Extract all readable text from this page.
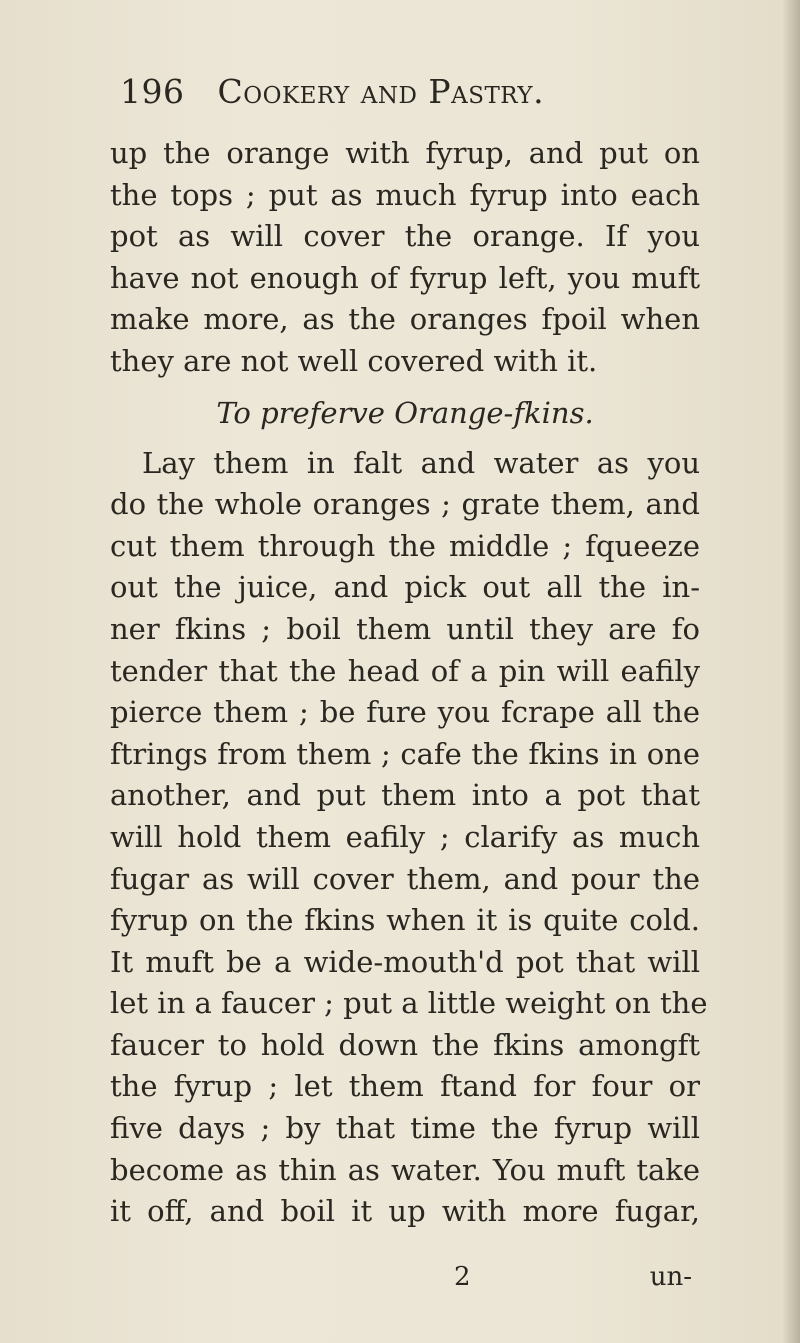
196 Cookery and Pastry.
up the orange with fyrup, and put on
the tops ; put as much fyrup into each
pot as will cover the orange. If you
have not enough of fyrup left, you muft
make more, as the oranges fpoil when
they are not well covered with it.
To preferve Orange-fkins.
Lay them in falt and water as you
do the whole oranges ; grate them, and
cut them through the middle ; fqueeze
out the juice, and pick out all the in-
ner fkins ; boil them until they are fo
tender that the head of a pin will eafily
pierce them ; be fure you fcrape all the
ftrings from them ; cafe the fkins in one
another, and put them into a pot that
will hold them eafily ; clarify as much
fugar as will cover them, and pour the
fyrup on the fkins when it is quite cold.
It muft be a wide-mouth'd pot that will
let in a faucer ; put a little weight on the
faucer to hold down the fkins amongft
the fyrup ; let them ftand for four or
five days ; by that time the fyrup will
become as thin as water. You muft take
it off, and boil it up with more fugar,
2	un-
